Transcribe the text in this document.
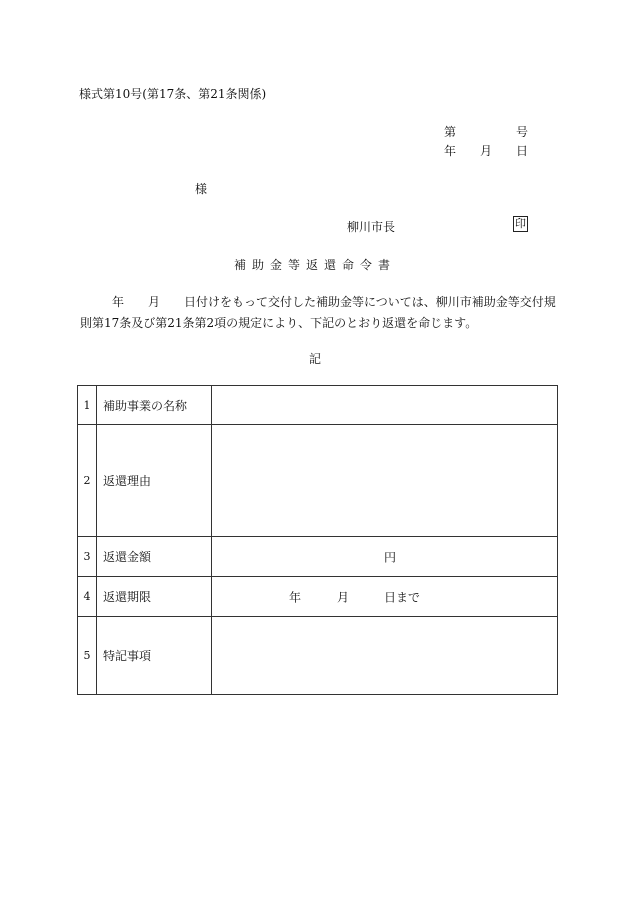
様式第10号(第17条、第21条関係)
第	号
年 月 日
様
柳川市長	印
補助金等返還命令書
年　　月　　日付けをもって交付した補助金等については、柳川市補助金等交付規
則第17条及び第21条第2項の規定により、下記のとおり返還を命じます。
記
1	補助事業の名称	
2	返還理由	
3	返還金額	円

4	返還期限	年 月 日まで

5	特記事項	
